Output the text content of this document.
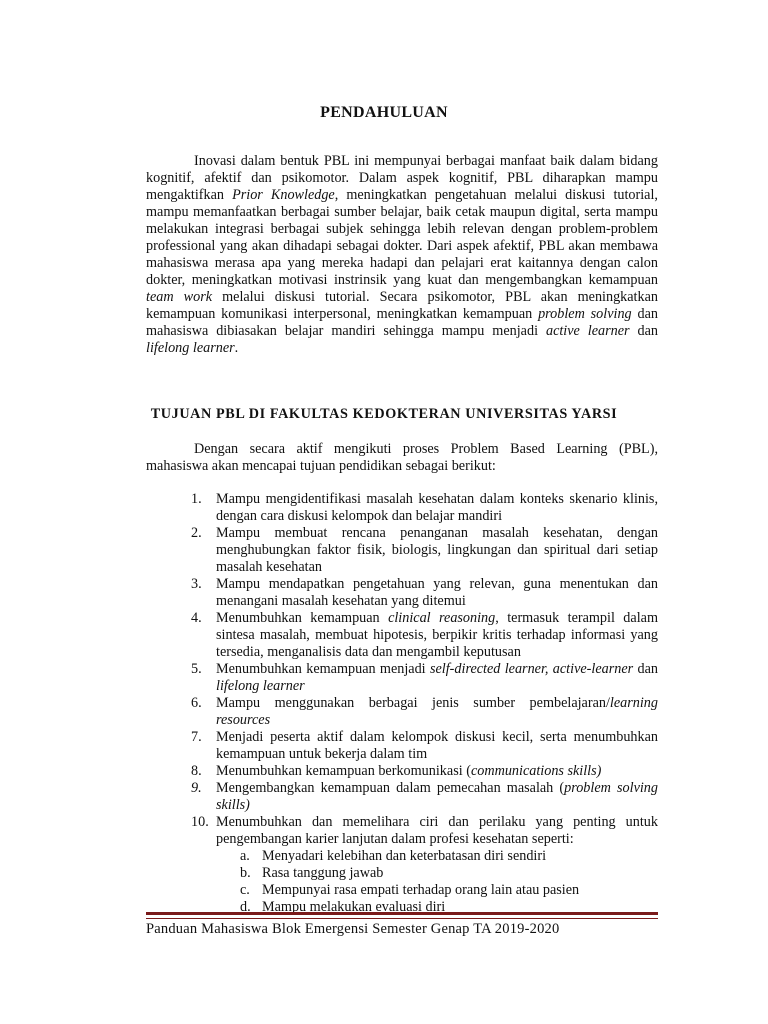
PENDAHULUAN

Inovasi dalam bentuk PBL ini mempunyai berbagai manfaat baik dalam bidang kognitif, afektif dan psikomotor. Dalam aspek kognitif, PBL diharapkan mampu mengaktifkan Prior Knowledge, meningkatkan pengetahuan melalui diskusi tutorial, mampu memanfaatkan berbagai sumber belajar, baik cetak maupun digital, serta mampu melakukan integrasi berbagai subjek sehingga lebih relevan dengan problem-problem professional yang akan dihadapi sebagai dokter. Dari aspek afektif, PBL akan membawa mahasiswa merasa apa yang mereka hadapi dan pelajari erat kaitannya dengan calon dokter, meningkatkan motivasi instrinsik yang kuat dan mengembangkan kemampuan team work melalui diskusi tutorial. Secara psikomotor, PBL akan meningkatkan kemampuan komunikasi interpersonal, meningkatkan kemampuan problem solving dan mahasiswa dibiasakan belajar mandiri sehingga mampu menjadi active learner dan lifelong learner.

TUJUAN PBL DI FAKULTAS KEDOKTERAN UNIVERSITAS YARSI

Dengan secara aktif mengikuti proses Problem Based Learning (PBL), mahasiswa akan mencapai tujuan pendidikan sebagai berikut:

1.	Mampu mengidentifikasi masalah kesehatan dalam konteks skenario klinis, dengan cara diskusi kelompok dan belajar mandiri
2.	Mampu membuat rencana penanganan masalah kesehatan, dengan menghubungkan faktor fisik, biologis, lingkungan dan spiritual dari setiap masalah kesehatan
3.	Mampu mendapatkan pengetahuan yang relevan, guna menentukan dan menangani masalah kesehatan yang ditemui
4.	Menumbuhkan kemampuan clinical reasoning, termasuk terampil dalam sintesa masalah, membuat hipotesis, berpikir kritis terhadap informasi yang tersedia, menganalisis data dan mengambil keputusan
5.	Menumbuhkan kemampuan menjadi self-directed learner, active-learner dan lifelong learner
6.	Mampu menggunakan berbagai jenis sumber pembelajaran/learning resources
7.	Menjadi peserta aktif dalam kelompok diskusi kecil, serta menumbuhkan kemampuan untuk bekerja dalam tim
8.	Menumbuhkan kemampuan berkomunikasi (communications skills)
9.	Mengembangkan kemampuan dalam pemecahan masalah (problem solving skills)
10. Menumbuhkan dan memelihara ciri dan perilaku yang penting untuk pengembangan karier lanjutan dalam profesi kesehatan seperti:
a. Menyadari kelebihan dan keterbatasan diri sendiri
b. Rasa tanggung jawab
c. Mempunyai rasa empati terhadap orang lain atau pasien
d. Mampu melakukan evaluasi diri
Panduan Mahasiswa Blok Emergensi Semester Genap TA 2019-2020
